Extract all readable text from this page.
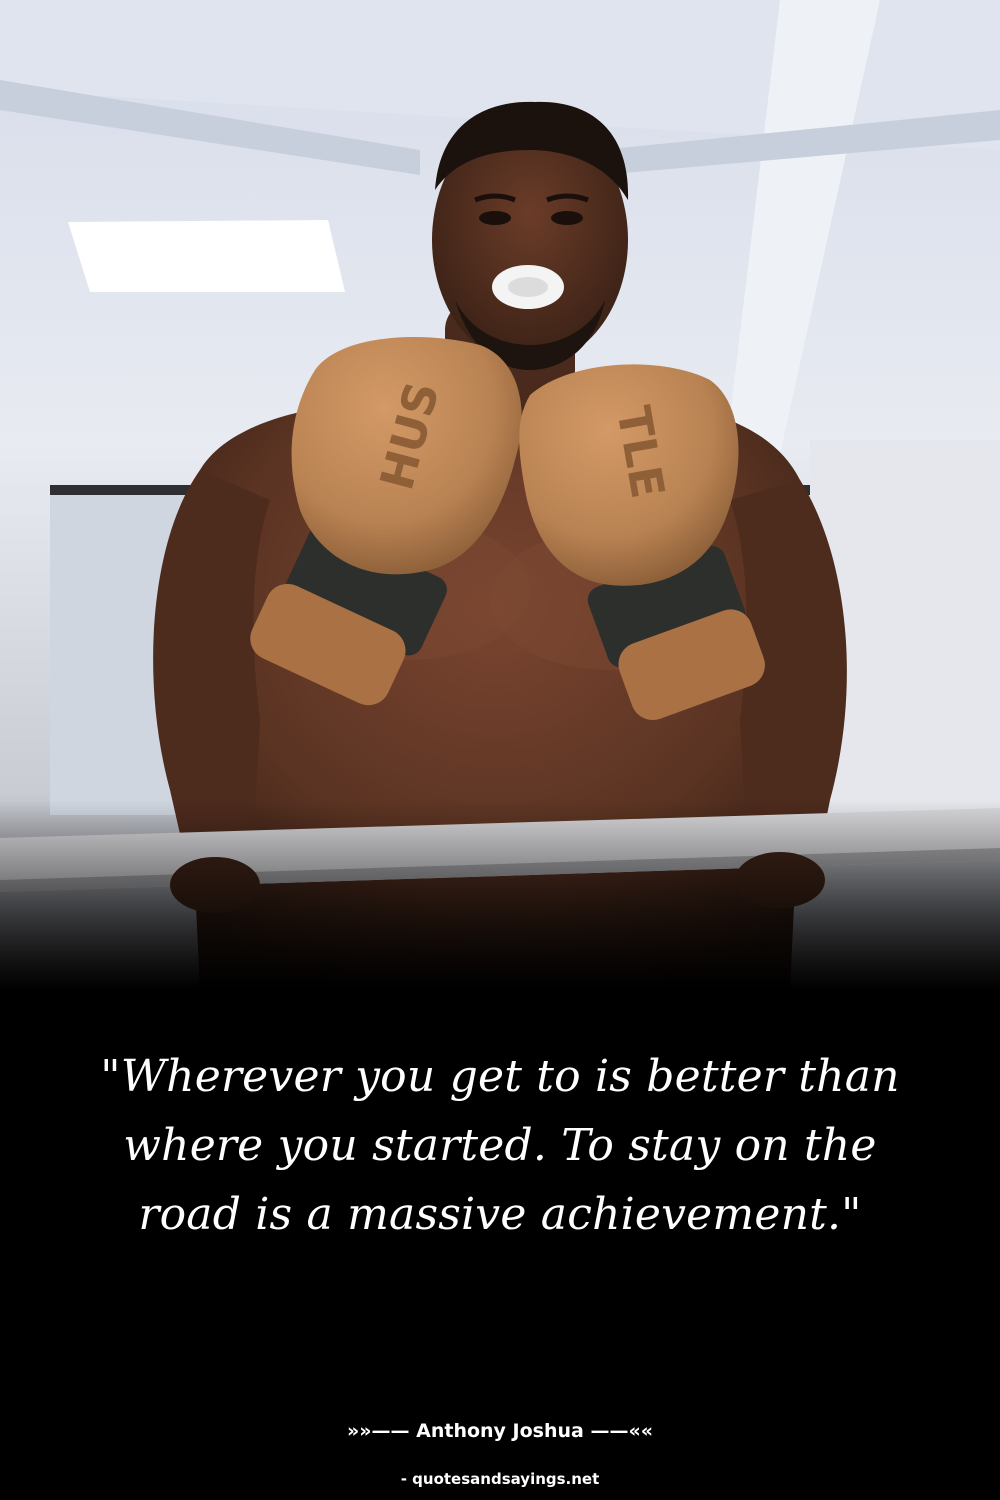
HUS	TLE

"Wherever you get to is better than where you started. To stay on the road is a massive achievement."

»»—— Anthony Joshua ——««
- quotesandsayings.net
